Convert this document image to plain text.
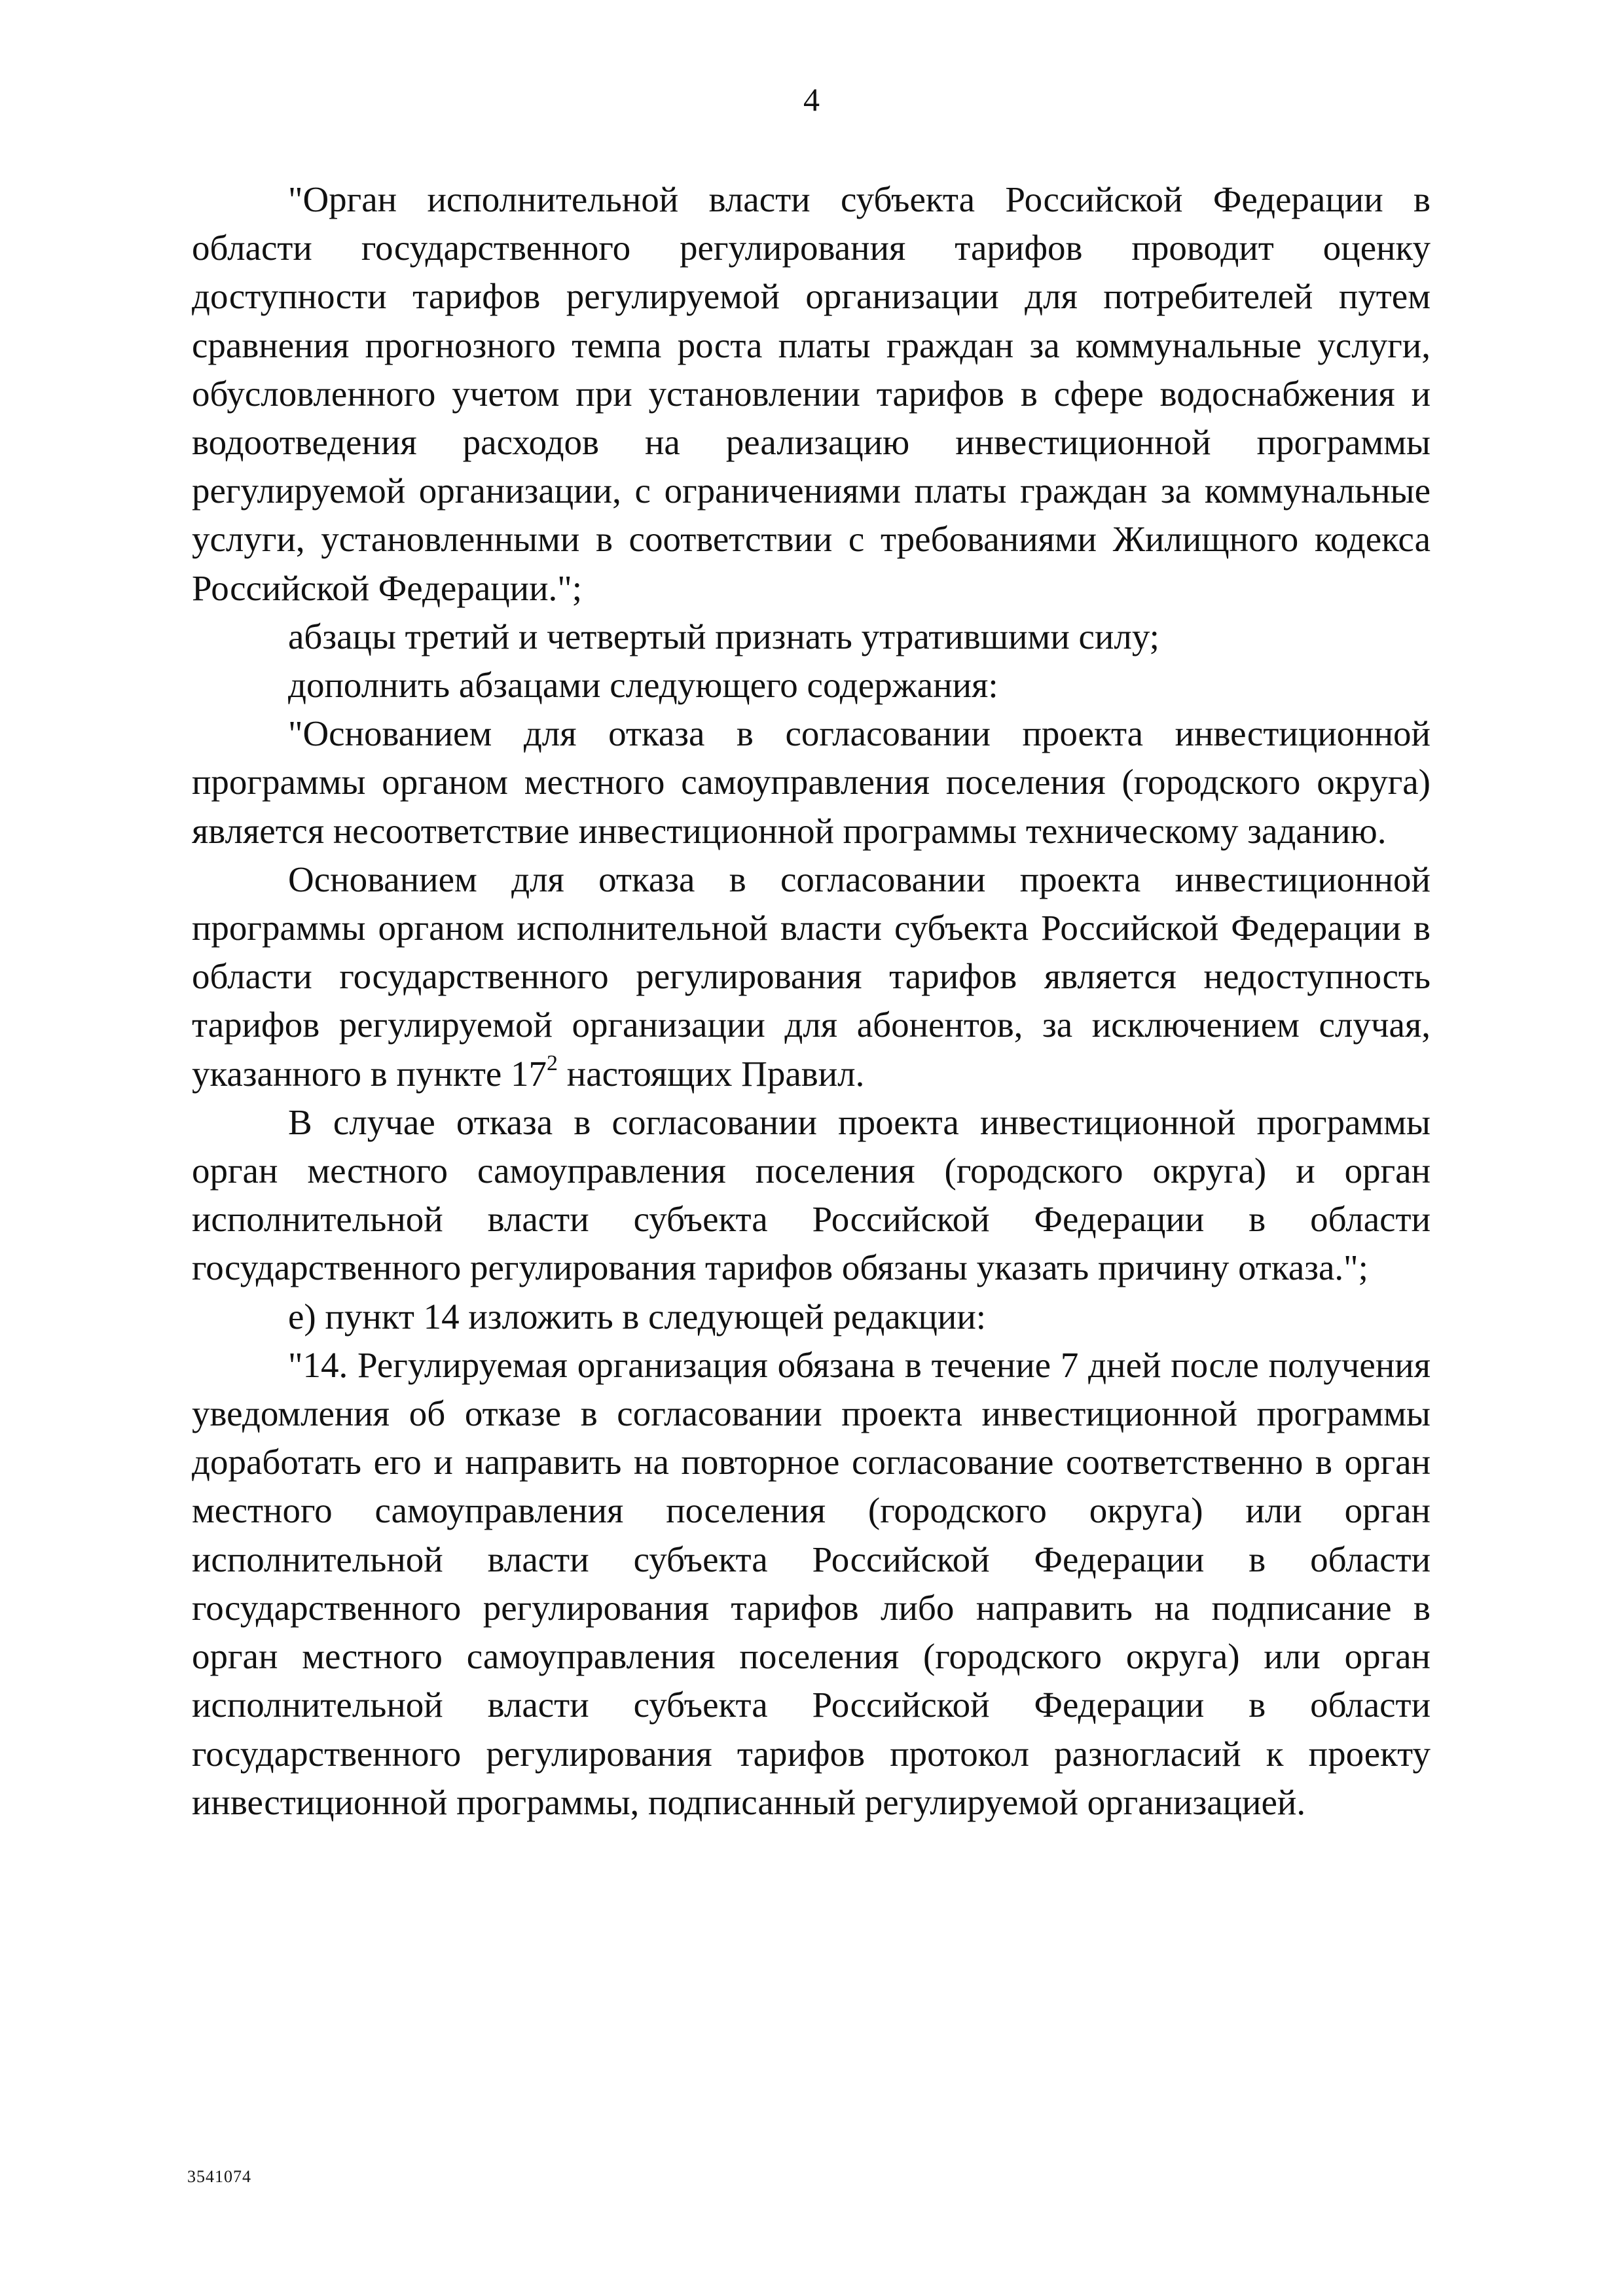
4

"Орган исполнительной власти субъекта Российской Федерации в области государственного регулирования тарифов проводит оценку доступности тарифов регулируемой организации для потребителей путем сравнения прогнозного темпа роста платы граждан за коммунальные услуги, обусловленного учетом при установлении тарифов в сфере водоснабжения и водоотведения расходов на реализацию инвестиционной программы регулируемой организации, с ограничениями платы граждан за коммунальные услуги, установленными в соответствии с требованиями Жилищного кодекса Российской Федерации.";

абзацы третий и четвертый признать утратившими силу;

дополнить абзацами следующего содержания:

"Основанием для отказа в согласовании проекта инвестиционной программы органом местного самоуправления поселения (городского округа) является несоответствие инвестиционной программы техническому заданию.

Основанием для отказа в согласовании проекта инвестиционной программы органом исполнительной власти субъекта Российской Федерации в области государственного регулирования тарифов является недоступность тарифов регулируемой организации для абонентов, за исключением случая, указанного в пункте $17^2$ настоящих Правил.

В случае отказа в согласовании проекта инвестиционной программы орган местного самоуправления поселения (городского округа) и орган исполнительной власти субъекта Российской Федерации в области государственного регулирования тарифов обязаны указать причину отказа.";

е) пункт 14 изложить в следующей редакции:

"14. Регулируемая организация обязана в течение 7 дней после получения уведомления об отказе в согласовании проекта инвестиционной программы доработать его и направить на повторное согласование соответственно в орган местного самоуправления поселения (городского округа) или орган исполнительной власти субъекта Российской Федерации в области государственного регулирования тарифов либо направить на подписание в орган местного самоуправления поселения (городского округа) или орган исполнительной власти субъекта Российской Федерации в области государственного регулирования тарифов протокол разногласий к проекту инвестиционной программы, подписанный регулируемой организацией.

3541074
